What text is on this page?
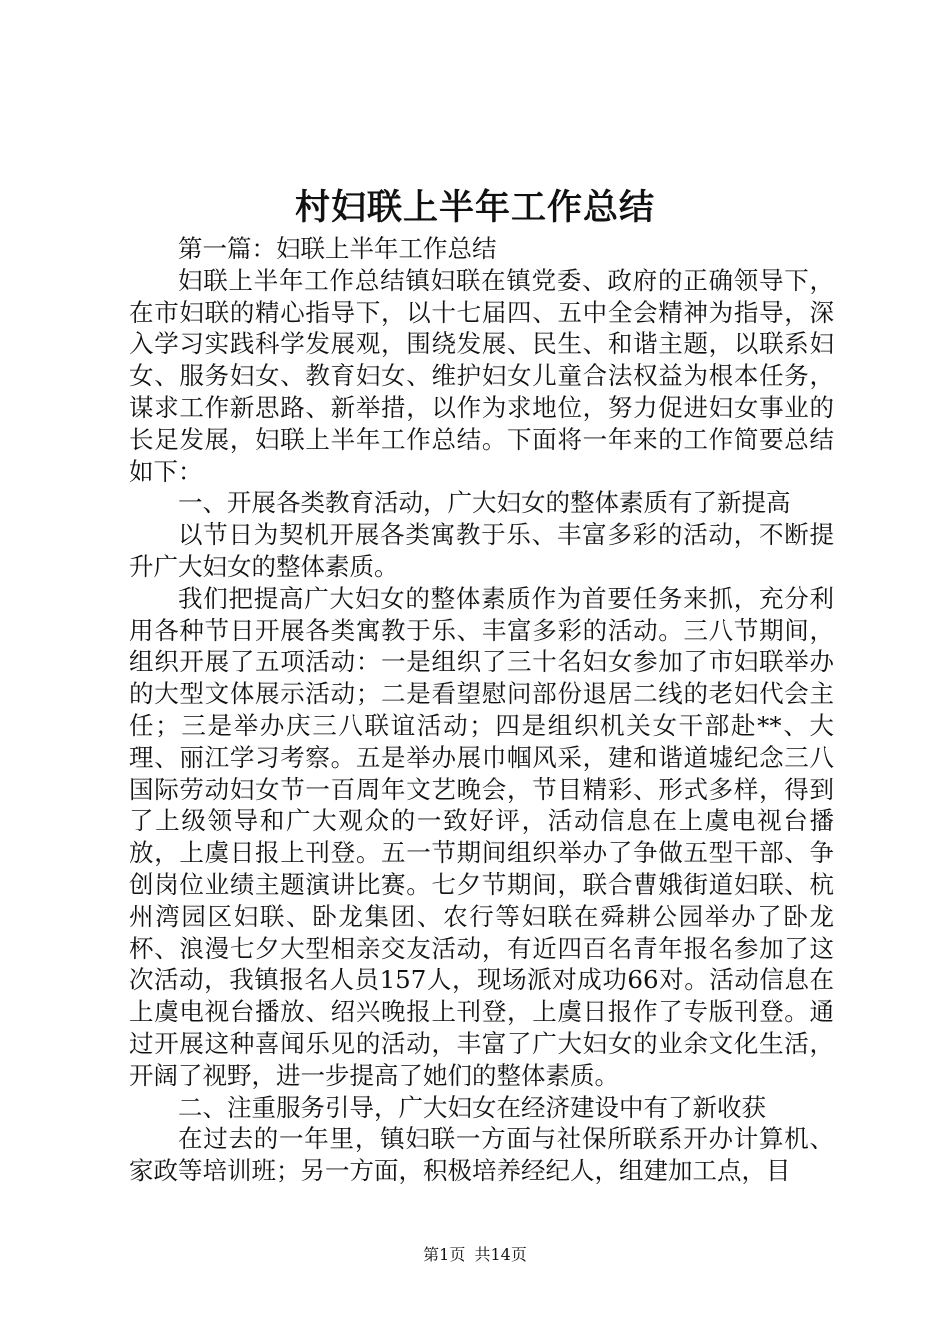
村妇联上半年工作总结

第一篇：妇联上半年工作总结

妇联上半年工作总结镇妇联在镇党委、政府的正确领导下，在市妇联的精心指导下，以十七届四、五中全会精神为指导，深入学习实践科学发展观，围绕发展、民生、和谐主题，以联系妇女、服务妇女、教育妇女、维护妇女儿童合法权益为根本任务，谋求工作新思路、新举措，以作为求地位，努力促进妇女事业的长足发展，妇联上半年工作总结。下面将一年来的工作简要总结如下：

一、开展各类教育活动，广大妇女的整体素质有了新提高

以节日为契机开展各类寓教于乐、丰富多彩的活动，不断提升广大妇女的整体素质。

我们把提高广大妇女的整体素质作为首要任务来抓，充分利用各种节日开展各类寓教于乐、丰富多彩的活动。三八节期间，组织开展了五项活动：一是组织了三十名妇女参加了市妇联举办的大型文体展示活动；二是看望慰问部份退居二线的老妇代会主任；三是举办庆三八联谊活动；四是组织机关女干部赴**、大理、丽江学习考察。五是举办展巾帼风采，建和谐道墟纪念三八国际劳动妇女节一百周年文艺晚会，节目精彩、形式多样，得到了上级领导和广大观众的一致好评，活动信息在上虞电视台播放，上虞日报上刊登。五一节期间组织举办了争做五型干部、争创岗位业绩主题演讲比赛。七夕节期间，联合曹娥街道妇联、杭州湾园区妇联、卧龙集团、农行等妇联在舜耕公园举办了卧龙杯、浪漫七夕大型相亲交友活动，有近四百名青年报名参加了这次活动，我镇报名人员157人，现场派对成功66对。活动信息在上虞电视台播放、绍兴晚报上刊登，上虞日报作了专版刊登。通过开展这种喜闻乐见的活动，丰富了广大妇女的业余文化生活，开阔了视野，进一步提高了她们的整体素质。

二、注重服务引导，广大妇女在经济建设中有了新收获

在过去的一年里，镇妇联一方面与社保所联系开办计算机、家政等培训班；另一方面，积极培养经纪人，组建加工点，目

第1页 共14页
